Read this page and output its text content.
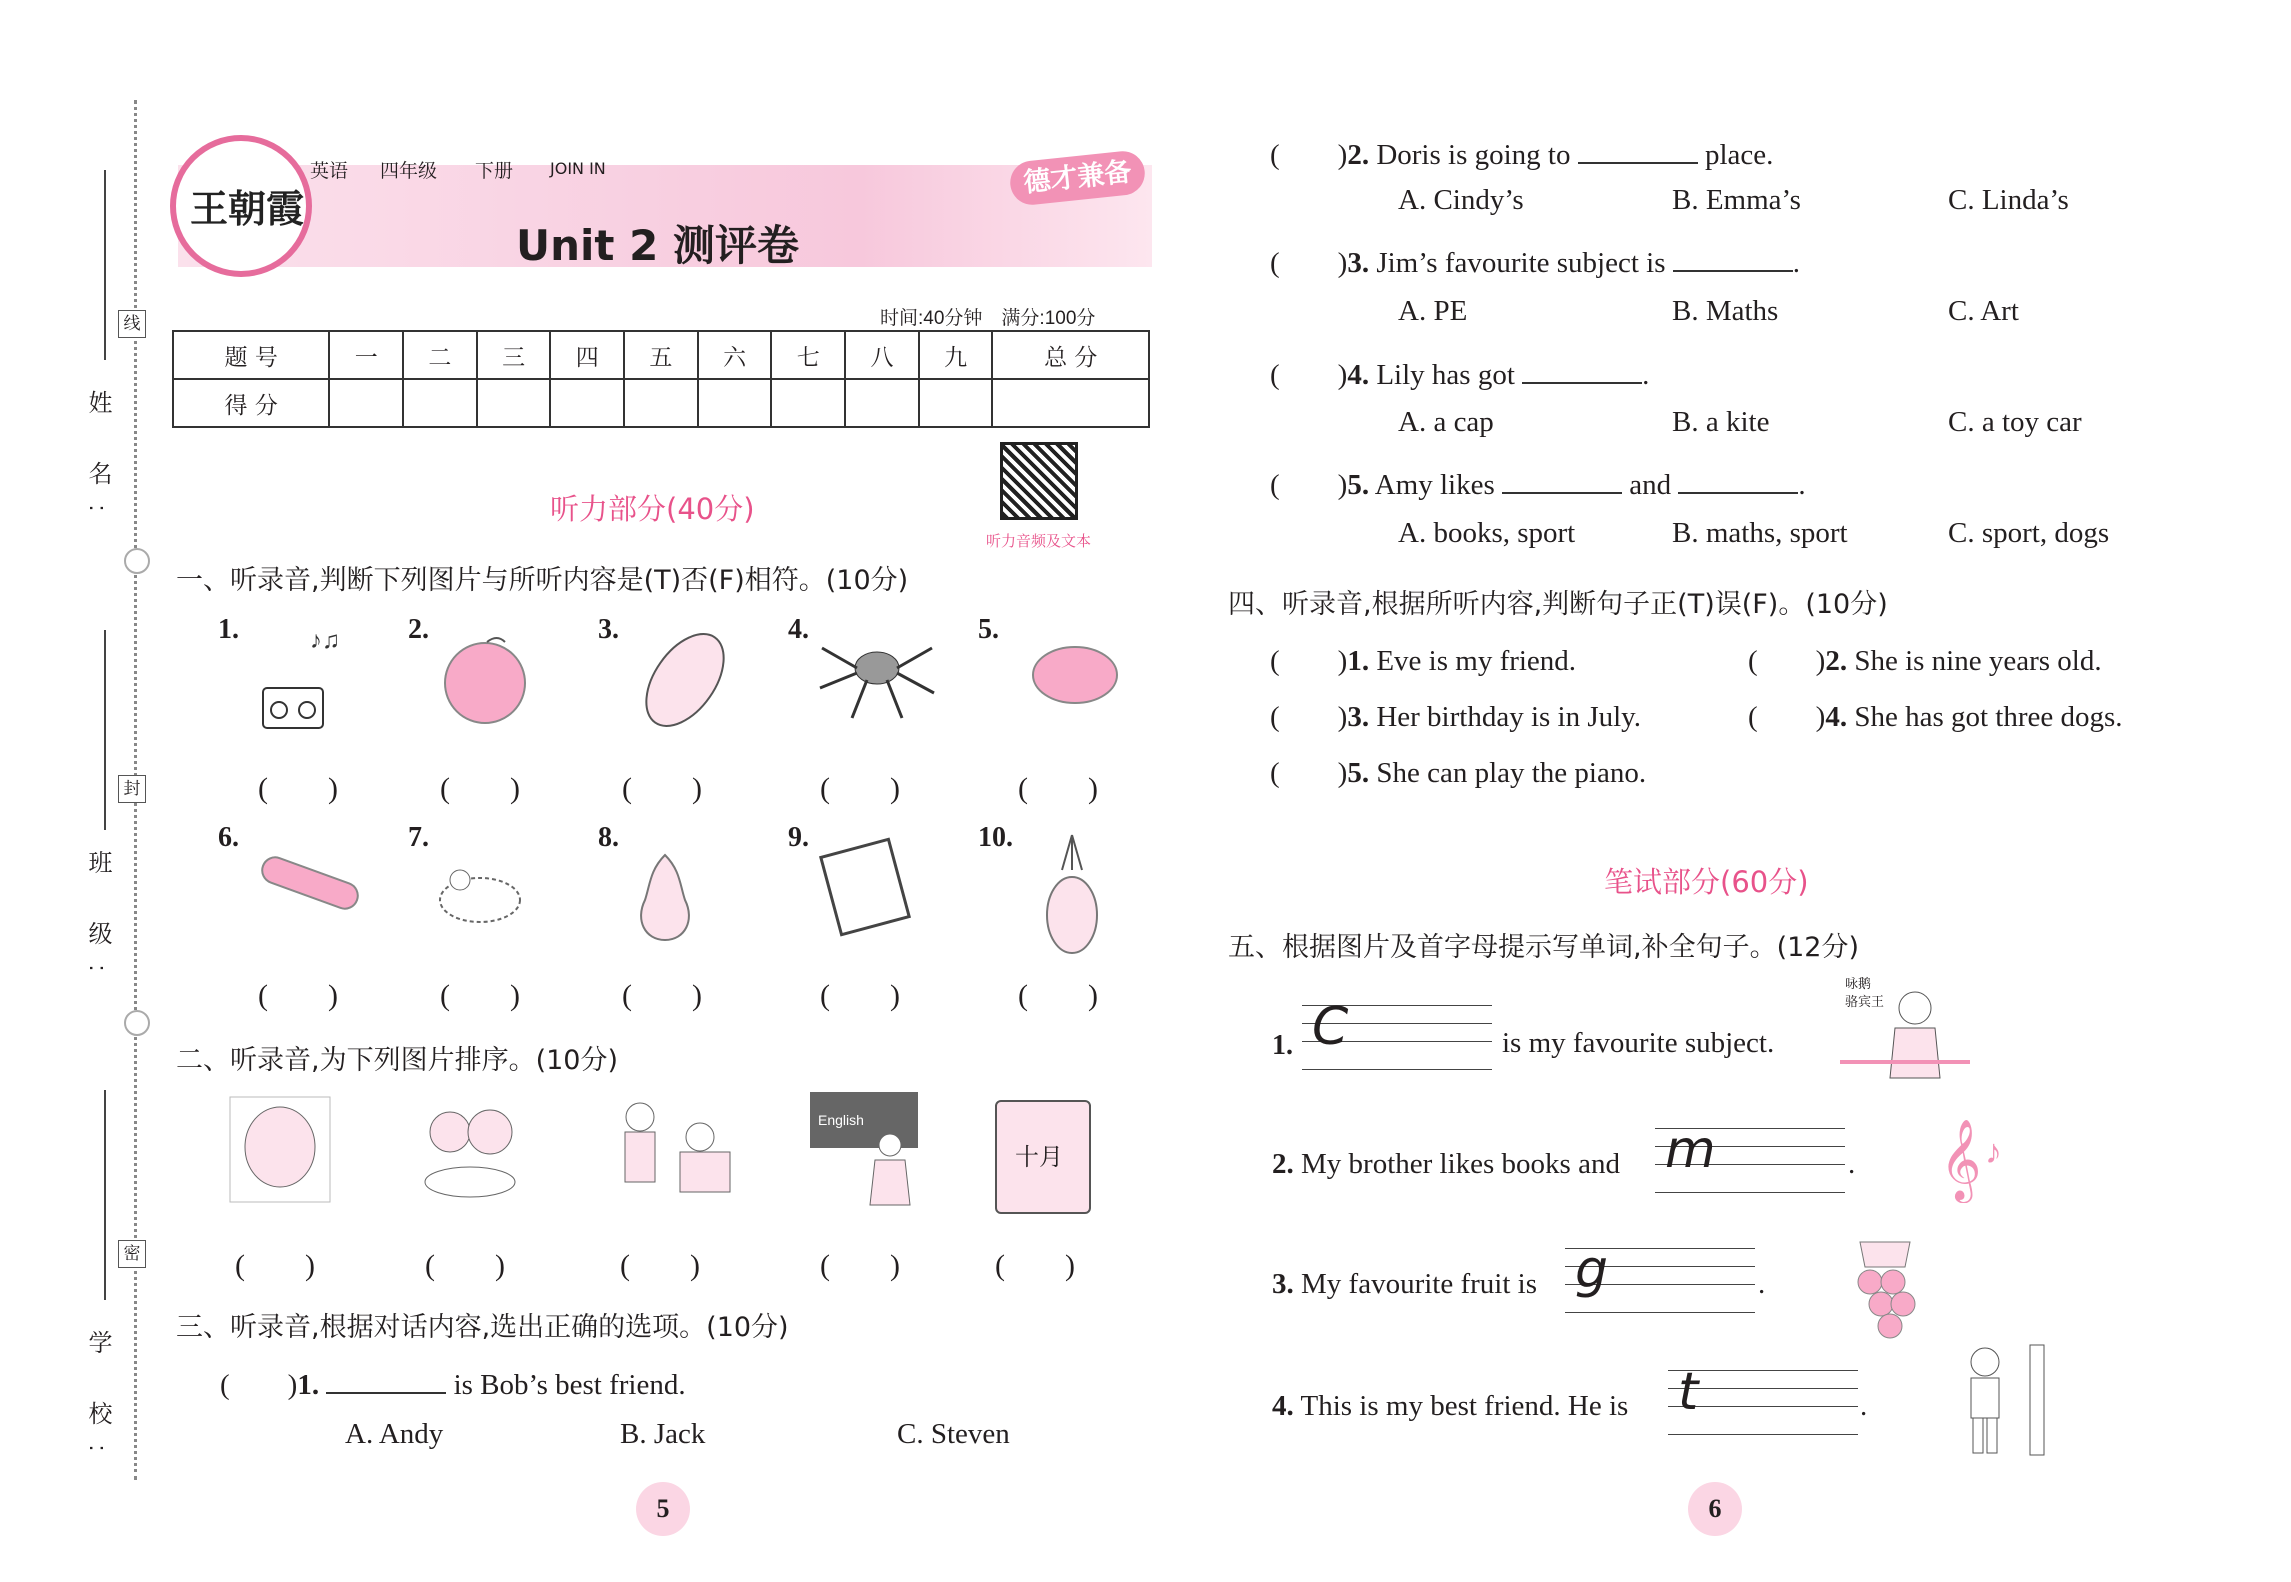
姓 名:
班 级:
学 校:
线
封
密
王朝霞
英语 四年级 下册 JOIN IN	德才兼备
Unit 2 测评卷
时间:40分钟　满分:100分
题 号	一	二	三	四	五	六	七	八	九	总 分
得 分										
听力部分(40分)
听力音频及文本
一、听录音,判断下列图片与所听内容是(T)否(F)相符。(10分)
1.	2.	3.	4.	5.
♪♫
(　　)	(　　)	(　　)	(　　)	(　　)
6.	7.	8.	9.	10.
(　　)	(　　)	(　　)	(　　)	(　　)
二、听录音,为下列图片排序。(10分)
English
十月
(　　)	(　　)	(　　)	(　　)	(　　)
三、听录音,根据对话内容,选出正确的选项。(10分)
(　　)1.	is Bob’s best friend.
A. Andy	B. Jack	C. Steven
5
(　　)2. Doris is going to	place.
A. Cindy’s	B. Emma’s	C. Linda’s
(　　)3. Jim’s favourite subject is	.
A. PE	B. Maths	C. Art
(　　)4. Lily has got	.
A. a cap	B. a kite	C. a toy car
(　　)5. Amy likes	and	.
A. books, sport	B. maths, sport	C. sport, dogs
四、听录音,根据所听内容,判断句子正(T)误(F)。(10分)
(　　)1. Eve is my friend.	(　　)2. She is nine years old.
(　　)3. Her birthday is in July.	(　　)4. She has got three dogs.
(　　)5. She can play the piano.
笔试部分(60分)
五、根据图片及首字母提示写单词,补全句子。(12分)
1. C	is my favourite subject.
咏鹅 骆宾王
2. My brother likes books and m	. 𝄞 ♪
3. My favourite fruit is g	.
4. This is my best friend. He is t	.
6
